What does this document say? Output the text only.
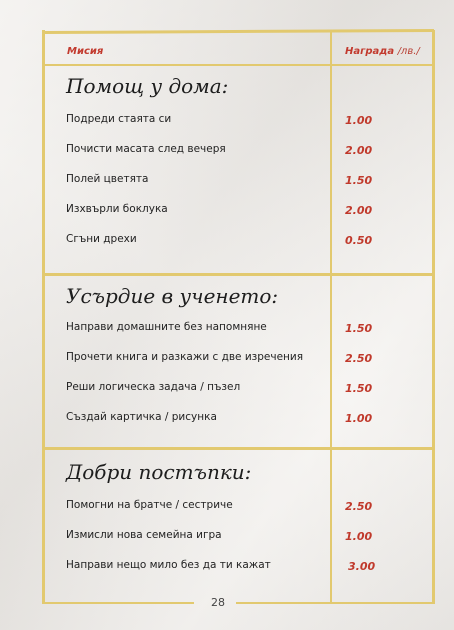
Мисия	Награда /лв./
Помощ у дома:
Подреди стаята си	1.00
Почисти масата след вечеря	2.00
Полей цветята	1.50
Изхвърли боклука	2.00
Сгъни дрехи	0.50
Усърдие в ученето:
Направи домашните без напомняне	1.50
Прочети книга и разкажи с две изречения	2.50
Реши логическа задача / пъзел	1.50
Създай картичка / рисунка	1.00
Добри постъпки:
Помогни на братче / сестриче	2.50
Измисли нова семейна игра	1.00
Направи нещо мило без да ти кажат	3.00
28
